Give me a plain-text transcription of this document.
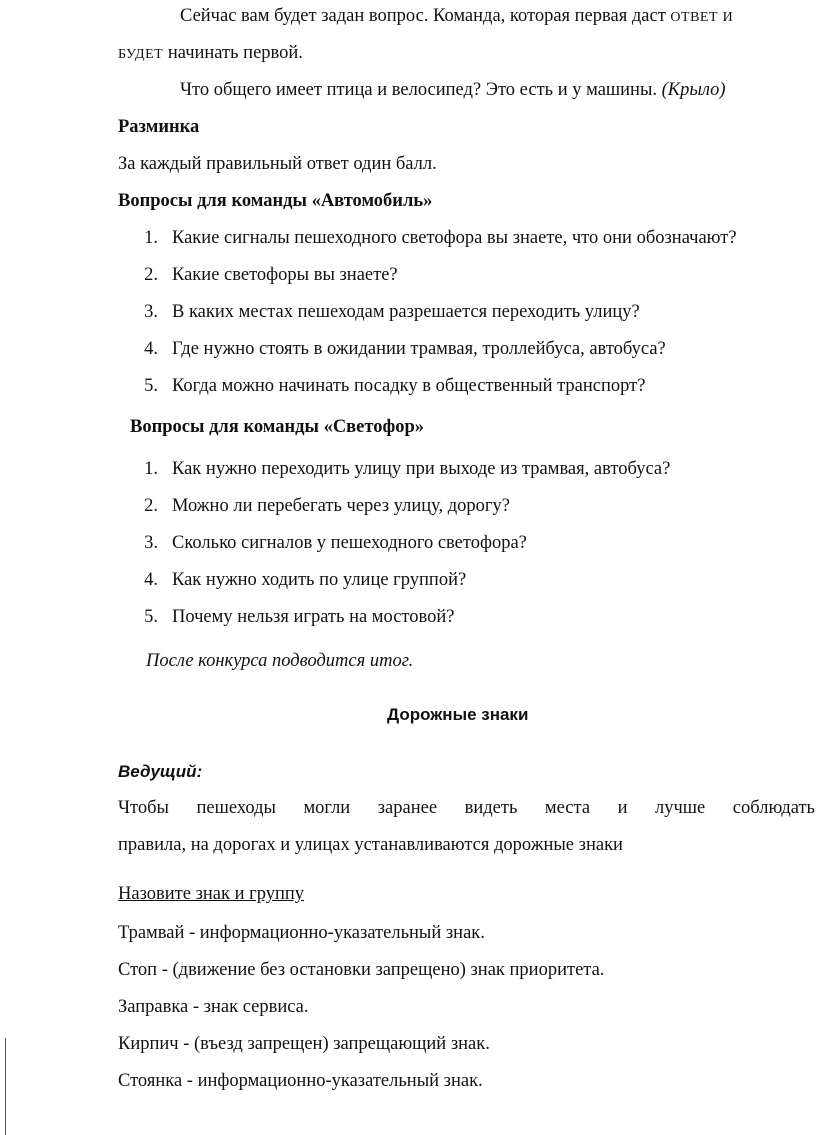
Сейчас вам будет задан вопрос. Команда, которая первая даст ОТВЕТ И
БУДЕТ начинать первой.
Что общего имеет птица и велосипед? Это есть и у машины. (Крыло)
Разминка
За каждый правильный ответ один балл.
Вопросы для команды «Автомобиль»
1. Какие сигналы пешеходного светофора вы знаете, что они обозначают?
2. Какие светофоры вы знаете?
3. В каких местах пешеходам разрешается переходить улицу?
4. Где нужно стоять в ожидании трамвая, троллейбуса, автобуса?
5. Когда можно начинать посадку в общественный транспорт?
Вопросы для команды «Светофор»
1. Как нужно переходить улицу при выходе из трамвая, автобуса?
2. Можно ли перебегать через улицу, дорогу?
3. Сколько сигналов у пешеходного светофора?
4. Как нужно ходить по улице группой?
5. Почему нельзя играть на мостовой?
После конкурса подводится итог.
Дорожные знаки
Ведущий:
Чтобы пешеходы могли заранее видеть места и лучше соблюдать
правила, на дорогах и улицах устанавливаются дорожные знаки
Назовите знак и группу
Трамвай - информационно-указательный знак.
Стоп - (движение без остановки запрещено) знак приоритета.
Заправка - знак сервиса.
Кирпич - (въезд запрещен) запрещающий знак.
Стоянка - информационно-указательный знак.
